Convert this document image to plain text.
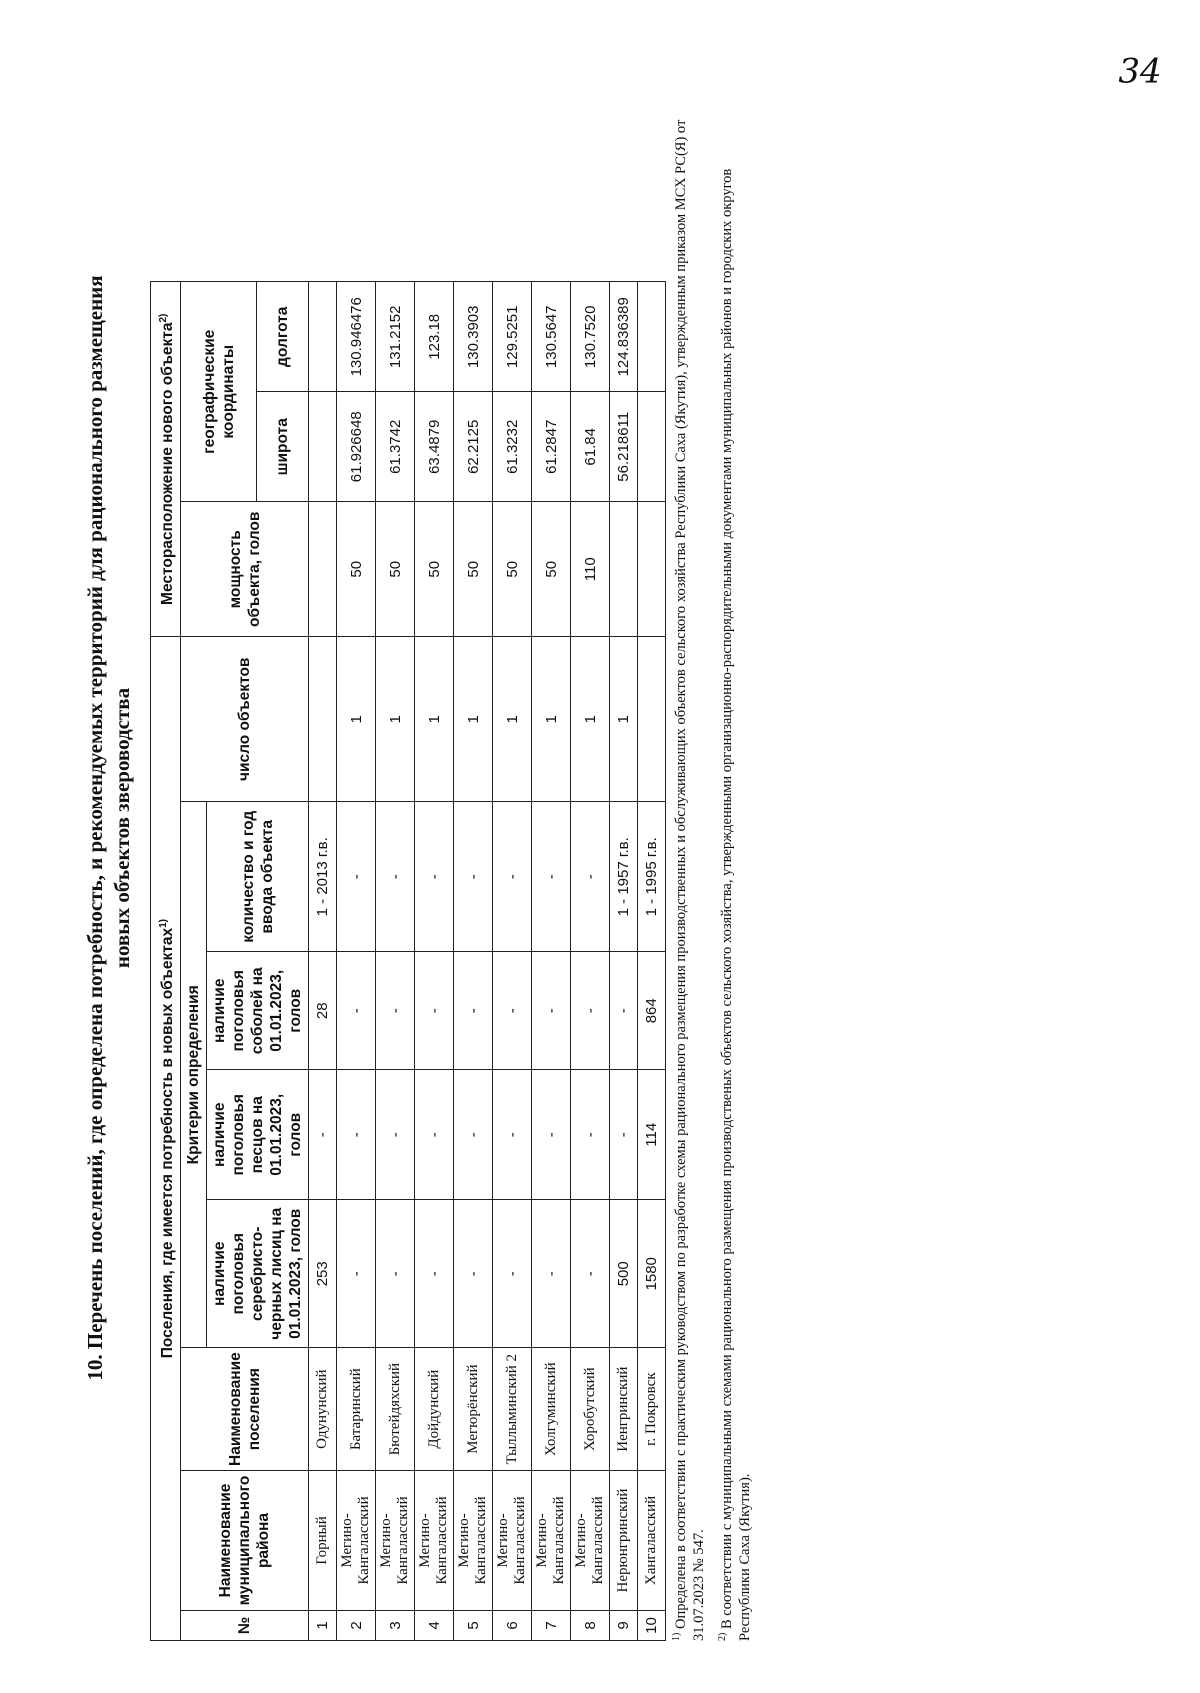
34
10. Перечень поселений, где определена потребность, и рекомендуемых территорий для рационального размещения новых объектов звероводства
Поселения, где имеется потребность в новых объектах$^{1)}$								Месторасположение нового объекта$^{2)}$
№	Наименование муниципального района	Наименование поселения	Критерии определения				число объектов	мощность объекта, голов	географические координаты	
			наличие поголовья серебристо-черных лисиц на 01.01.2023, голов	наличие поголовья песцов на 01.01.2023, голов	наличие поголовья соболей на 01.01.2023, голов	количество и год ввода объекта				
									широта	долгота
1	Горный	Одунунский	253	-	28	1 - 2013 г.в.				
2	Мегино-Кангаласский	Батаринский	-	-	-	-	1	50	61.926648	130.946476
3	Мегино-Кангаласский	Бютейдяхский	-	-	-	-	1	50	61.3742	131.2152
4	Мегино-Кангаласский	Дойдунский	-	-	-	-	1	50	63.4879	123.18
5	Мегино-Кангаласский	Мегюрёнский	-	-	-	-	1	50	62.2125	130.3903
6	Мегино-Кангаласский	Тыллыминский 2	-	-	-	-	1	50	61.3232	129.5251
7	Мегино-Кангаласский	Холгуминский	-	-	-	-	1	50	61.2847	130.5647
8	Мегино-Кангаласский	Хоробутский	-	-	-	-	1	110	61.84	130.7520
9	Нерюнгринский	Иенгринский	500	-	-	1 - 1957 г.в.	1		56.218611	124.836389
10	Хангаласский	г. Покровск	1580	114	864	1 - 1995 г.в.				

$^{1)}$ Определена в соответствии с практическим руководством по разработке схемы рационального размещения производственных и обслуживающих объектов сельского хозяйства Республики Саха (Якутия), утвержденным приказом МСХ РС(Я) от 31.07.2023 № 547.	$^{2)}$ В соответствии с муниципальными схемами рационального размещения производственых объектов сельского хозяйства, утвержденными организационно-распорядительными документами муниципальных районов и городских округов Республики Саха (Якутия).
